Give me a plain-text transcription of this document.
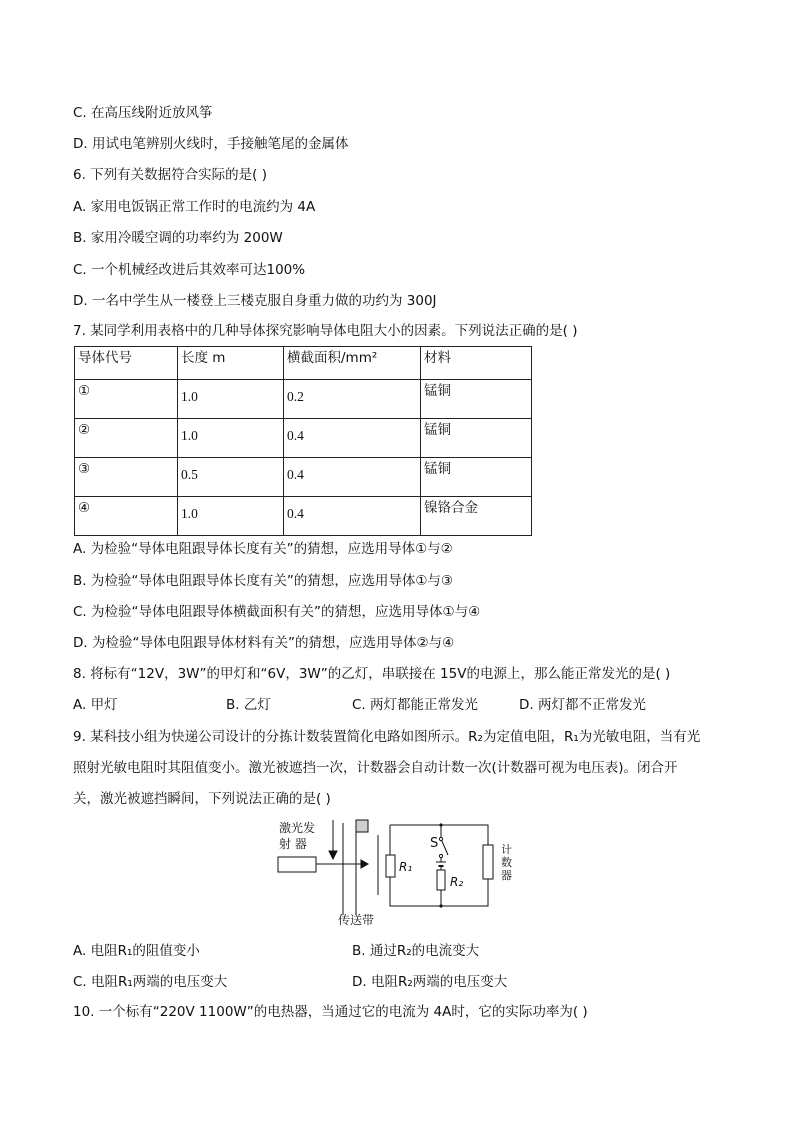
C. 在高压线附近放风筝
D. 用试电笔辨别火线时，手接触笔尾的金属体
6. 下列有关数据符合实际的是( )
A. 家用电饭锅正常工作时的电流约为 4A
B. 家用冷暖空调的功率约为 200W
C. 一个机械经改进后其效率可达100%
D. 一名中学生从一楼登上三楼克服自身重力做的功约为 300J
7. 某同学利用表格中的几种导体探究影响导体电阻大小的因素。下列说法正确的是( )
导体代号	长度 m	横截面积/mm²	材料
①	1.0	0.2	锰铜
②	1.0	0.4	锰铜
③	0.5	0.4	锰铜
④	1.0	0.4	镍铬合金
A. 为检验“导体电阻跟导体长度有关”的猜想，应选用导体①与②
B. 为检验“导体电阻跟导体长度有关”的猜想，应选用导体①与③
C. 为检验“导体电阻跟导体横截面积有关”的猜想，应选用导体①与④
D. 为检验“导体电阻跟导体材料有关”的猜想，应选用导体②与④
8. 将标有“12V，3W”的甲灯和“6V，3W”的乙灯，串联接在 15V的电源上，那么能正常发光的是( )
A. 甲灯	B. 乙灯	C. 两灯都能正常发光	D. 两灯都不正常发光
9. 某科技小组为快递公司设计的分拣计数装置简化电路如图所示。R₂为定值电阻，R₁为光敏电阻，当有光
照射光敏电阻时其阻值变小。激光被遮挡一次，计数器会自动计数一次(计数器可视为电压表)。闭合开
关，激光被遮挡瞬间，下列说法正确的是( )
激光发
射 器	S
R₁
R₂
计
数
器
传送带
A. 电阻R₁的阻值变小	B. 通过R₂的电流变大
C. 电阻R₁两端的电压变大	D. 电阻R₂两端的电压变大
10. 一个标有“220V 1100W”的电热器，当通过它的电流为 4A时，它的实际功率为( )
